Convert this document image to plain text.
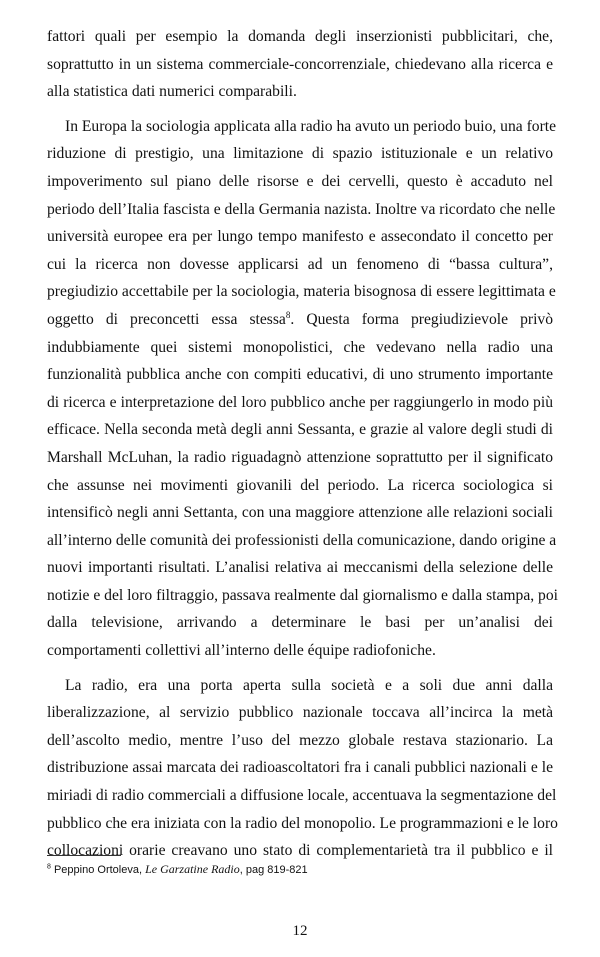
fattori quali per esempio la domanda degli inserzionisti pubblicitari, che,
soprattutto in un sistema commerciale-concorrenziale, chiedevano alla ricerca e
alla statistica dati numerici comparabili.
In Europa la sociologia applicata alla radio ha avuto un periodo buio, una forte
riduzione di prestigio, una limitazione di spazio istituzionale e un relativo
impoverimento sul piano delle risorse e dei cervelli, questo è accaduto nel
periodo dell’Italia fascista e della Germania nazista. Inoltre va ricordato che nelle
università europee era per lungo tempo manifesto e assecondato il concetto per
cui la ricerca non dovesse applicarsi ad un fenomeno di “bassa cultura”,
pregiudizio accettabile per la sociologia, materia bisognosa di essere legittimata e
oggetto di preconcetti essa stessa$^8$. Questa forma pregiudizievole privò
indubbiamente quei sistemi monopolistici, che vedevano nella radio una
funzionalità pubblica anche con compiti educativi, di uno strumento importante
di ricerca e interpretazione del loro pubblico anche per raggiungerlo in modo più
efficace. Nella seconda metà degli anni Sessanta, e grazie al valore degli studi di
Marshall McLuhan, la radio riguadagnò attenzione soprattutto per il significato
che assunse nei movimenti giovanili del periodo. La ricerca sociologica si
intensificò negli anni Settanta, con una maggiore attenzione alle relazioni sociali
all’interno delle comunità dei professionisti della comunicazione, dando origine a
nuovi importanti risultati. L’analisi relativa ai meccanismi della selezione delle
notizie e del loro filtraggio, passava realmente dal giornalismo e dalla stampa, poi
dalla televisione, arrivando a determinare le basi per un’analisi dei
comportamenti collettivi all’interno delle équipe radiofoniche.
La radio, era una porta aperta sulla società e a soli due anni dalla
liberalizzazione, al servizio pubblico nazionale toccava all’incirca la metà
dell’ascolto medio, mentre l’uso del mezzo globale restava stazionario. La
distribuzione assai marcata dei radioascoltatori fra i canali pubblici nazionali e le
miriadi di radio commerciali a diffusione locale, accentuava la segmentazione del
pubblico che era iniziata con la radio del monopolio. Le programmazioni e le loro
collocazioni orarie creavano uno stato di complementarietà tra il pubblico e il
$^8$ Peppino Ortoleva, Le Garzatine Radio, pag 819-821
12
